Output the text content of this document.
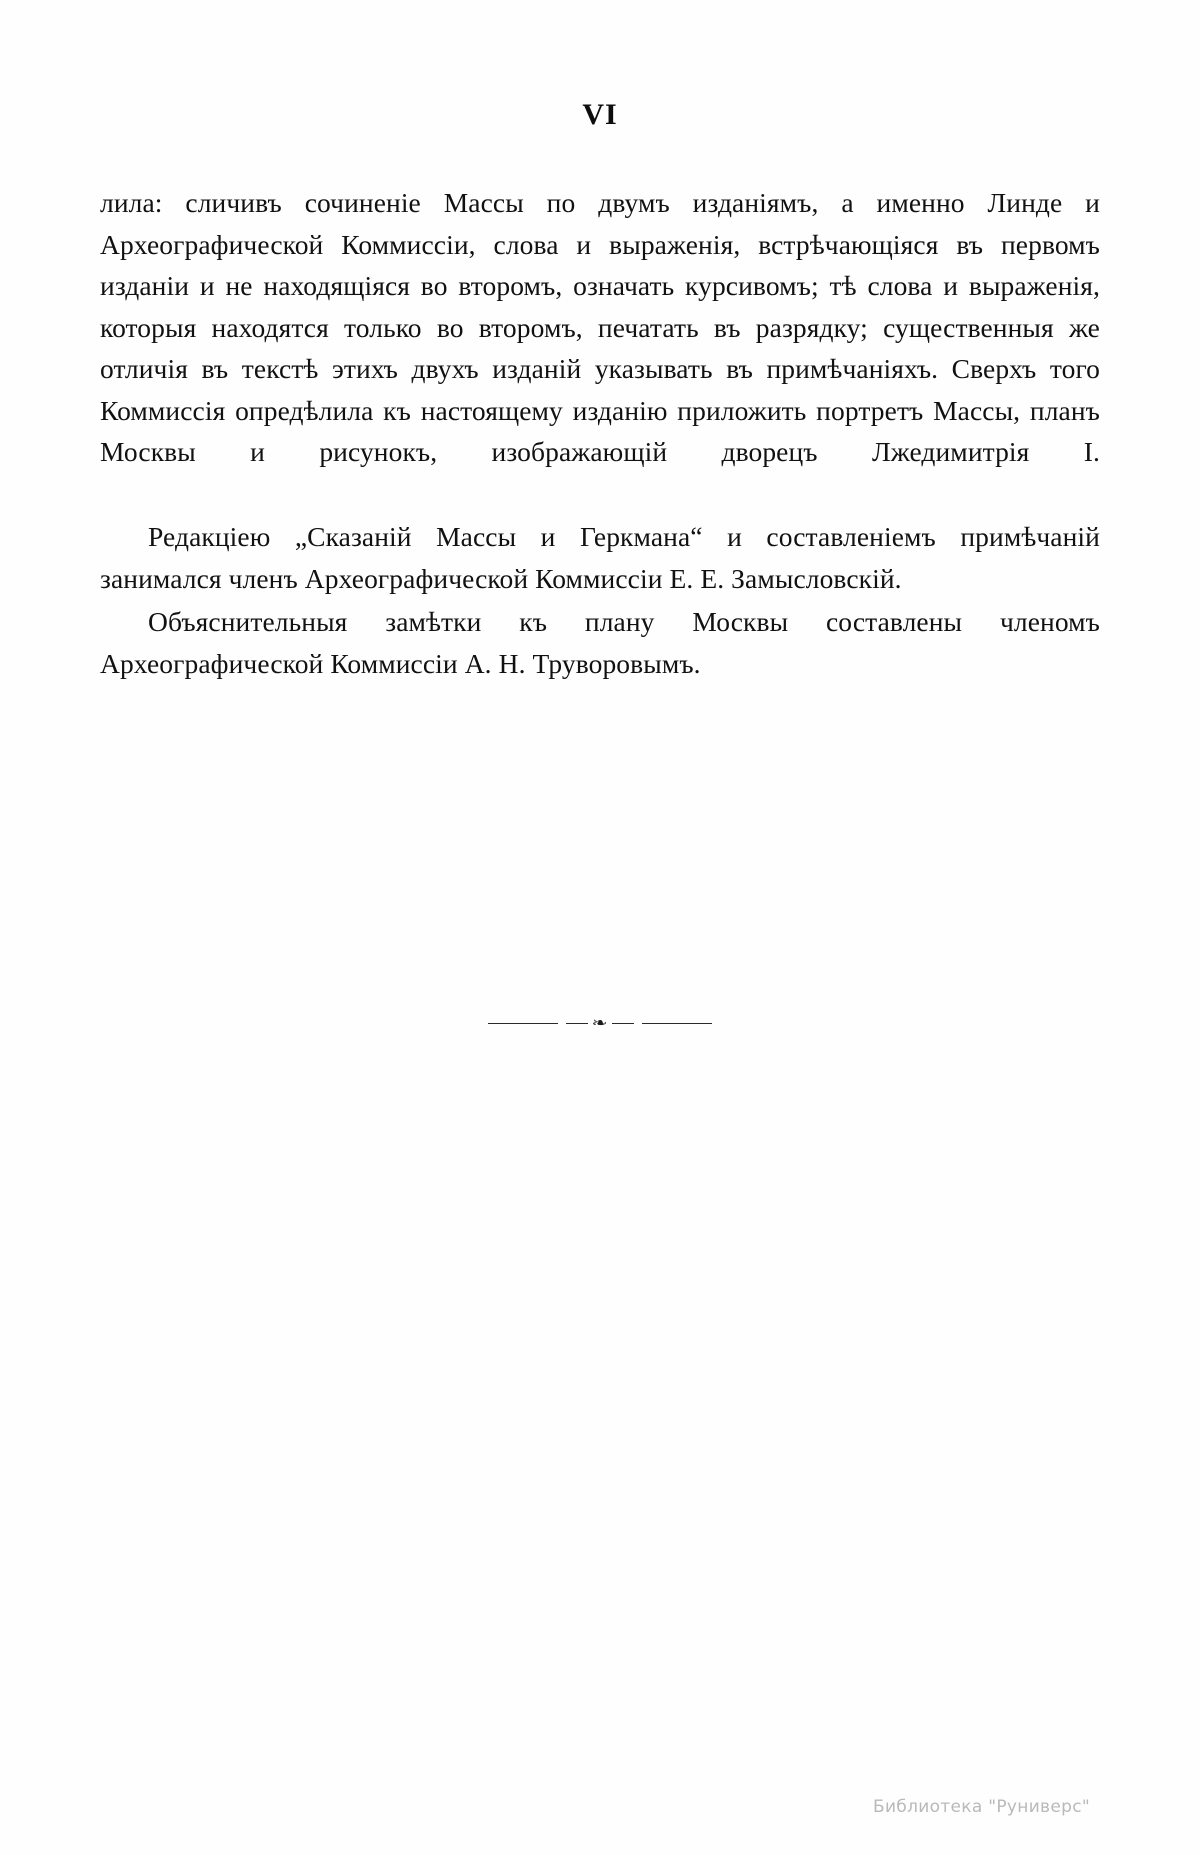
VI

лила: сличивъ сочиненіе Массы по двумъ изданіямъ, а именно Линде и Археографической Коммиссіи, слова и выраженія, встрѣчающіяся въ первомъ изданіи и не находящіяся во второмъ, означать курсивомъ; тѣ слова и выраженія, которыя находятся только во второмъ, печатать въ разрядку; существенныя же отличія въ текстѣ этихъ двухъ изданій указывать въ примѣчаніяхъ. Сверхъ того Коммиссія опредѣлила къ настоящему изданію приложить портретъ Массы, планъ Москвы и рисунокъ, изображающій дворецъ Лжедимитрія I.

Редакціею „Сказаній Массы и Геркмана“ и составленіемъ примѣчаній занимался членъ Археографической Коммиссіи Е. Е. Замысловскій.

Объяснительныя замѣтки къ плану Москвы составлены членомъ Археографической Коммиссіи А. Н. Труворовымъ.

❧
Библиотека "Руниверс"
